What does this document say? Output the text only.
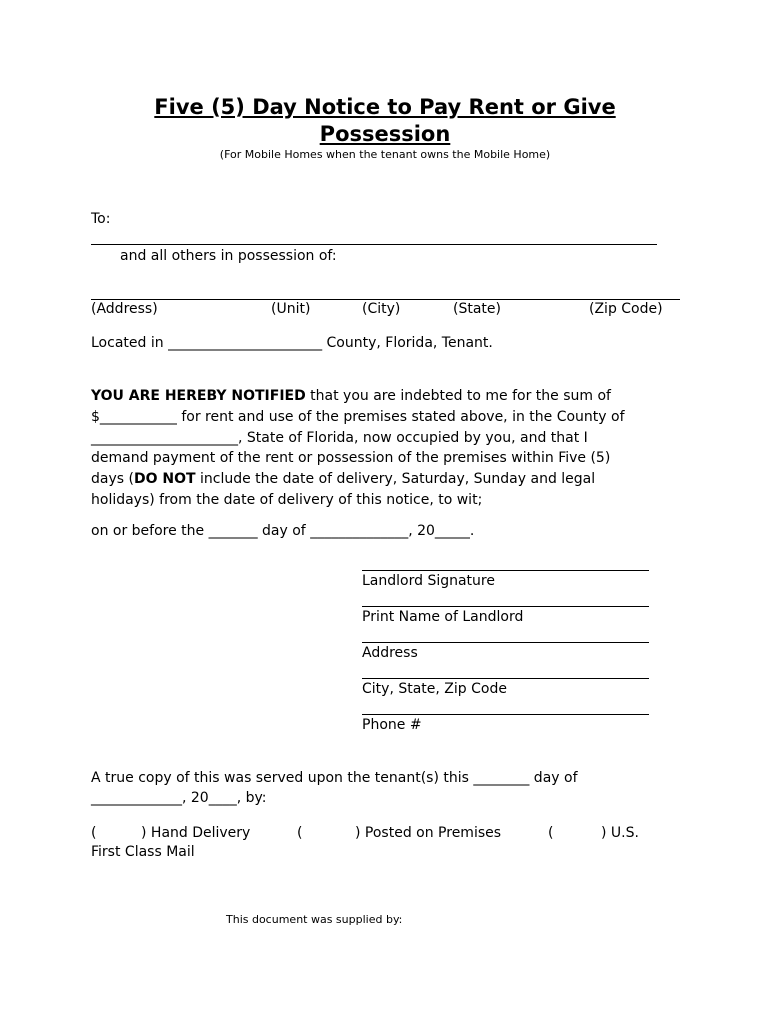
Five (5) Day Notice to Pay Rent or Give Possession
(For Mobile Homes when the tenant owns the Mobile Home)
To:
and all others in possession of:
(Address)	(Unit)	(City)	(State)	(Zip Code)
Located in ______________________ County, Florida, Tenant.
YOU ARE HEREBY NOTIFIED that you are indebted to me for the sum of
$___________ for rent and use of the premises stated above, in the County of
_____________________, State of Florida, now occupied by you, and that I
demand payment of the rent or possession of the premises within Five (5)
days (DO NOT include the date of delivery, Saturday, Sunday and legal
holidays) from the date of delivery of this notice, to wit;
on or before the _______ day of ______________, 20_____.
Landlord Signature
Print Name of Landlord
Address
City, State, Zip Code
Phone #
A true copy of this was served upon the tenant(s) this ________ day of
_____________, 20____, by:
(	) Hand Delivery	(	) Posted on Premises	(	) U.S.
First Class Mail
This document was supplied by:
